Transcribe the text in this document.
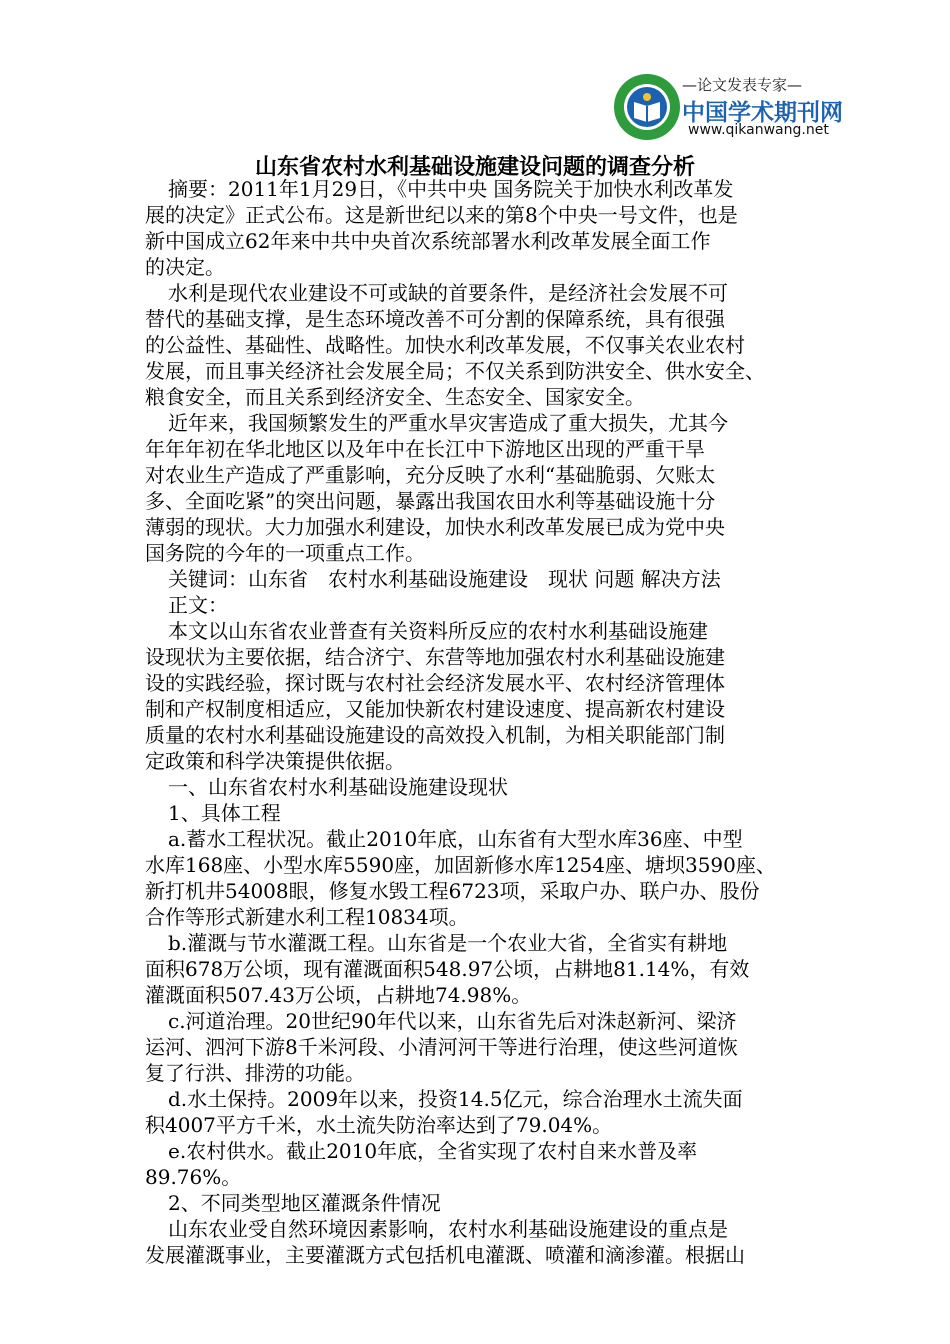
—论文发表专家—
中国学术期刊网
www.qikanwang.net
山东省农村水利基础设施建设问题的调查分析
摘要：2011年1月29日，《中共中央 国务院关于加快水利改革发
展的决定》正式公布。这是新世纪以来的第8个中央一号文件，也是
新中国成立62年来中共中央首次系统部署水利改革发展全面工作
的决定。
水利是现代农业建设不可或缺的首要条件，是经济社会发展不可
替代的基础支撑，是生态环境改善不可分割的保障系统，具有很强
的公益性、基础性、战略性。加快水利改革发展，不仅事关农业农村
发展，而且事关经济社会发展全局；不仅关系到防洪安全、供水安全、
粮食安全，而且关系到经济安全、生态安全、国家安全。
近年来，我国频繁发生的严重水旱灾害造成了重大损失，尤其今
年年年初在华北地区以及年中在长江中下游地区出现的严重干旱
对农业生产造成了严重影响，充分反映了水利“基础脆弱、欠账太
多、全面吃紧”的突出问题，暴露出我国农田水利等基础设施十分
薄弱的现状。大力加强水利建设，加快水利改革发展已成为党中央
国务院的今年的一项重点工作。
关键词：山东省　农村水利基础设施建设　现状 问题 解决方法
正文：
本文以山东省农业普查有关资料所反应的农村水利基础设施建
设现状为主要依据，结合济宁、东营等地加强农村水利基础设施建
设的实践经验，探讨既与农村社会经济发展水平、农村经济管理体
制和产权制度相适应，又能加快新农村建设速度、提高新农村建设
质量的农村水利基础设施建设的高效投入机制，为相关职能部门制
定政策和科学决策提供依据。
一、山东省农村水利基础设施建设现状
1、具体工程
a.蓄水工程状况。截止2010年底，山东省有大型水库36座、中型
水库168座、小型水库5590座，加固新修水库1254座、塘坝3590座、
新打机井54008眼，修复水毁工程6723项，采取户办、联户办、股份
合作等形式新建水利工程10834项。
b.灌溉与节水灌溉工程。山东省是一个农业大省，全省实有耕地
面积678万公顷，现有灌溉面积548.97公顷，占耕地81.14%，有效
灌溉面积507.43万公顷，占耕地74.98%。
c.河道治理。20世纪90年代以来，山东省先后对洙赵新河、梁济
运河、泗河下游8千米河段、小清河河干等进行治理，使这些河道恢
复了行洪、排涝的功能。
d.水土保持。2009年以来，投资14.5亿元，综合治理水土流失面
积4007平方千米，水土流失防治率达到了79.04%。
e.农村供水。截止2010年底，全省实现了农村自来水普及率
89.76%。
2、不同类型地区灌溉条件情况
山东农业受自然环境因素影响，农村水利基础设施建设的重点是
发展灌溉事业，主要灌溉方式包括机电灌溉、喷灌和滴渗灌。根据山
